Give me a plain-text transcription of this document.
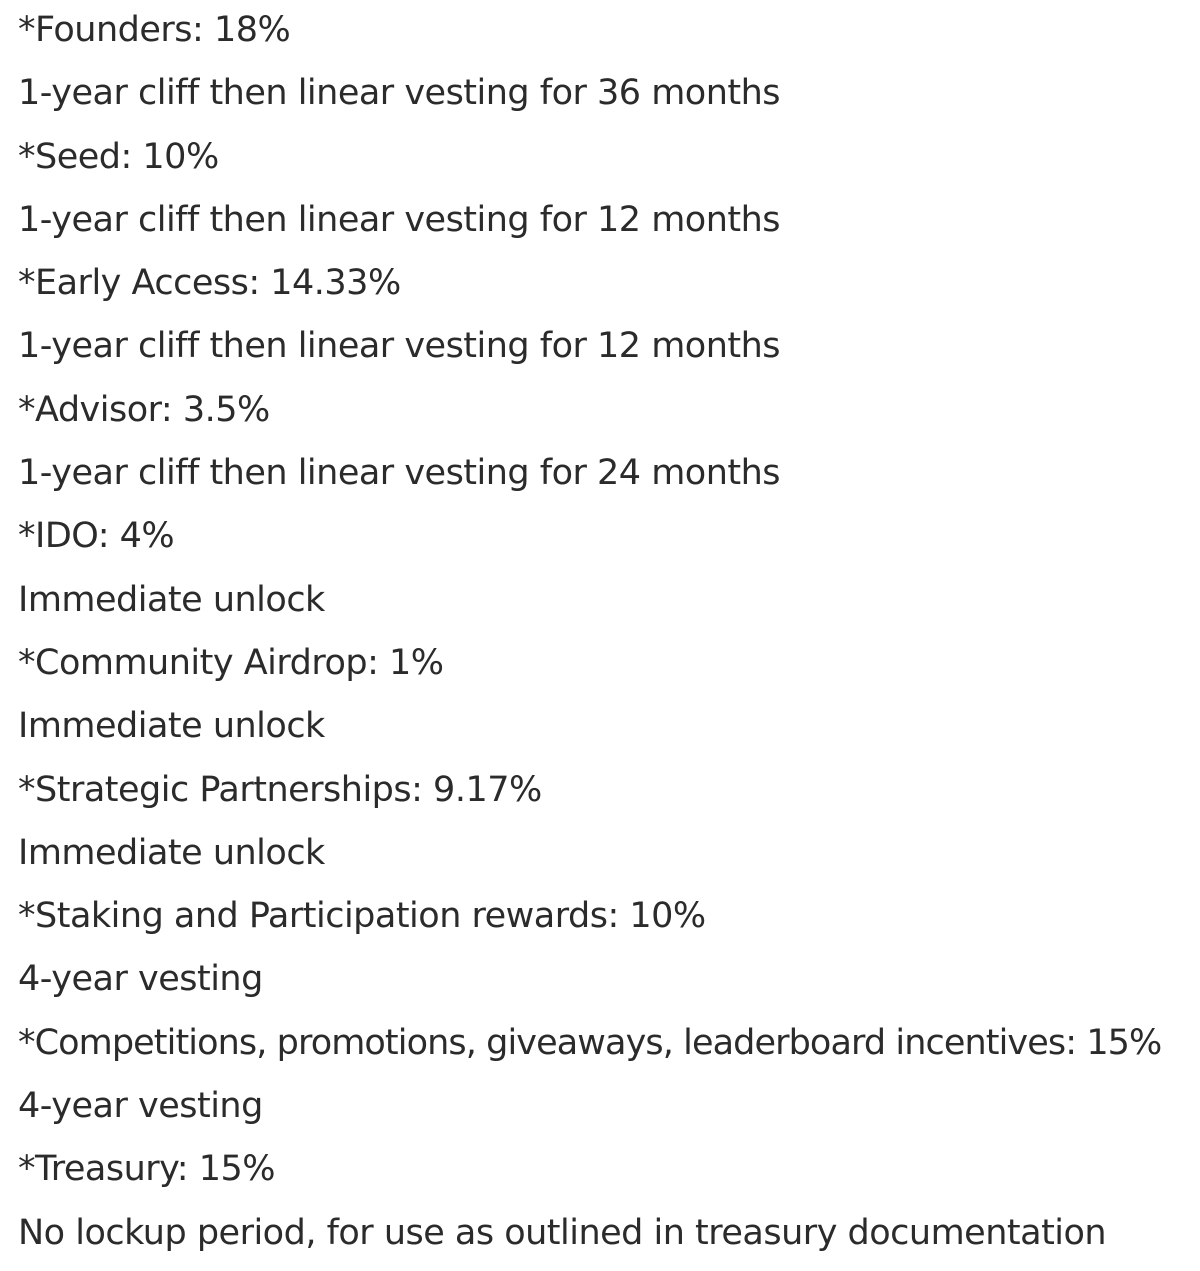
*Founders: 18%
1-year cliff then linear vesting for 36 months
*Seed: 10%
1-year cliff then linear vesting for 12 months
*Early Access: 14.33%
1-year cliff then linear vesting for 12 months
*Advisor: 3.5%
1-year cliff then linear vesting for 24 months
*IDO: 4%
Immediate unlock
*Community Airdrop: 1%
Immediate unlock
*Strategic Partnerships: 9.17%
Immediate unlock
*Staking and Participation rewards: 10%
4-year vesting
*Competitions, promotions, giveaways, leaderboard incentives: 15%
4-year vesting
*Treasury: 15%
No lockup period, for use as outlined in treasury documentation
